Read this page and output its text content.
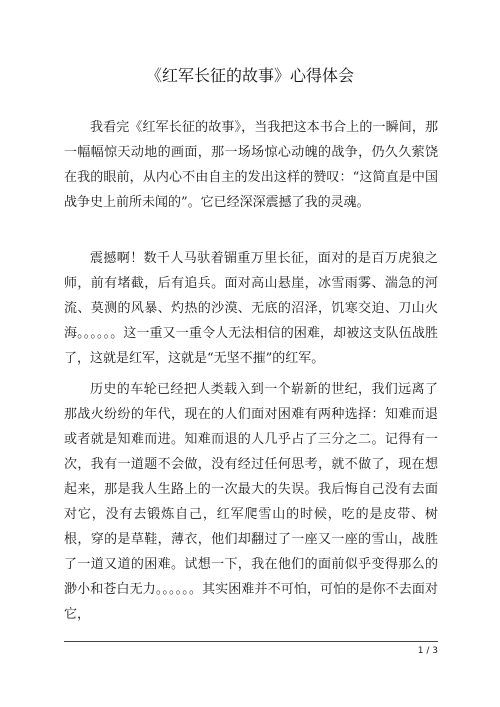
《红军长征的故事》心得体会

我看完《红军长征的故事》，当我把这本书合上的一瞬间，那一幅幅惊天动地的画面，那一场场惊心动魄的战争，仍久久萦饶在我的眼前，从内心不由自主的发出这样的赞叹：“这简直是中国战争史上前所未闻的”。它已经深深震撼了我的灵魂。

震撼啊！数千人马驮着镅重万里长征，面对的是百万虎狼之师，前有堵截，后有追兵。面对高山悬崖，冰雪雨雾、湍急的河流、莫测的风暴、灼热的沙漠、无底的沼泽，饥寒交迫、刀山火海。。。。。。这一重又一重令人无法相信的困难，却被这支队伍战胜了，这就是红军，这就是“无坚不摧”的红军。

历史的车轮已经把人类载入到一个崭新的世纪，我们远离了那战火纷纷的年代，现在的人们面对困难有两种选择：知难而退或者就是知难而进。知难而退的人几乎占了三分之二。记得有一次，我有一道题不会做，没有经过任何思考，就不做了，现在想起来，那是我人生路上的一次最大的失误。我后悔自己没有去面对它，没有去锻炼自己，红军爬雪山的时候，吃的是皮带、树根，穿的是草鞋，薄衣，他们却翻过了一座又一座的雪山，战胜了一道又道的困难。试想一下，我在他们的面前似乎变得那么的渺小和苍白无力。。。。。。其实困难并不可怕，可怕的是你不去面对它，

1 / 3
